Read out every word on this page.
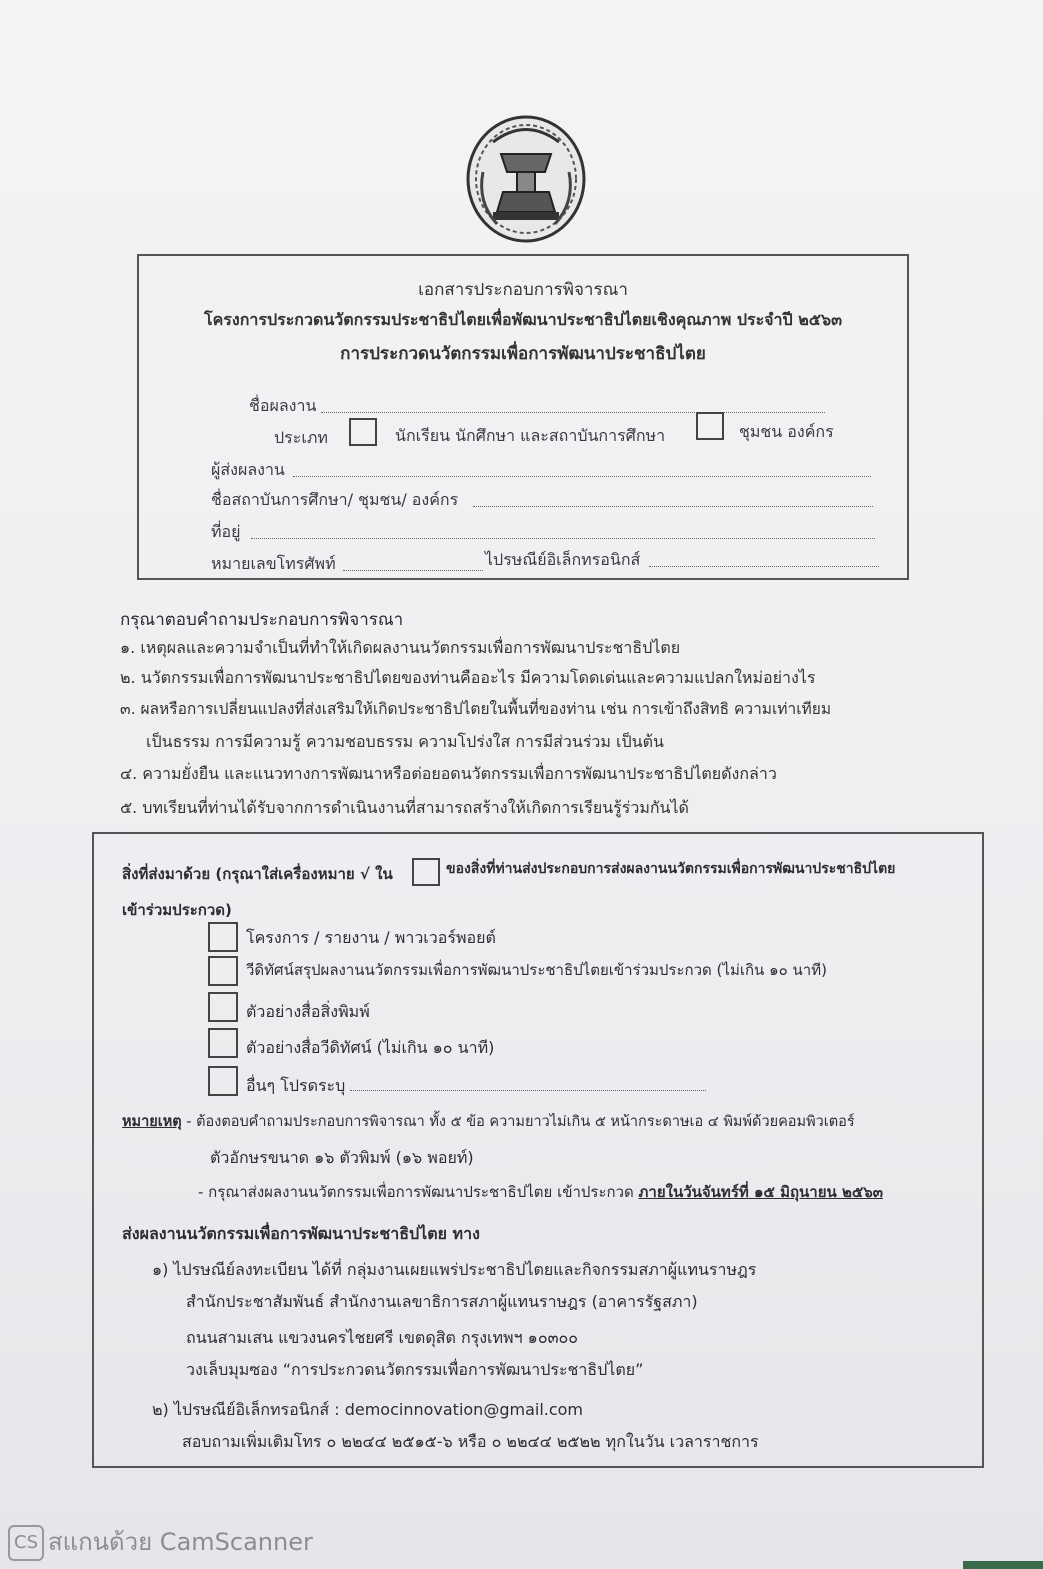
เอกสารประกอบการพิจารณา
โครงการประกวดนวัตกรรมประชาธิปไตยเพื่อพัฒนาประชาธิปไตยเชิงคุณภาพ ประจำปี ๒๕๖๓
การประกวดนวัตกรรมเพื่อการพัฒนาประชาธิปไตย
ชื่อผลงาน
ประเภท	นักเรียน นักศึกษา และสถาบันการศึกษา	ชุมชน องค์กร
ผู้ส่งผลงาน
ชื่อสถาบันการศึกษา/ ชุมชน/ องค์กร
ที่อยู่
หมายเลขโทรศัพท์	ไปรษณีย์อิเล็กทรอนิกส์
กรุณาตอบคำถามประกอบการพิจารณา
๑. เหตุผลและความจำเป็นที่ทำให้เกิดผลงานนวัตกรรมเพื่อการพัฒนาประชาธิปไตย
๒. นวัตกรรมเพื่อการพัฒนาประชาธิปไตยของท่านคืออะไร มีความโดดเด่นและความแปลกใหม่อย่างไร
๓. ผลหรือการเปลี่ยนแปลงที่ส่งเสริมให้เกิดประชาธิปไตยในพื้นที่ของท่าน เช่น การเข้าถึงสิทธิ ความเท่าเทียม
เป็นธรรม การมีความรู้ ความชอบธรรม ความโปร่งใส การมีส่วนร่วม เป็นต้น
๔. ความยั่งยืน และแนวทางการพัฒนาหรือต่อยอดนวัตกรรมเพื่อการพัฒนาประชาธิปไตยดังกล่าว
๕. บทเรียนที่ท่านได้รับจากการดำเนินงานที่สามารถสร้างให้เกิดการเรียนรู้ร่วมกันได้
สิ่งที่ส่งมาด้วย (กรุณาใส่เครื่องหมาย √ ใน	ของสิ่งที่ท่านส่งประกอบการส่งผลงานนวัตกรรมเพื่อการพัฒนาประชาธิปไตย
เข้าร่วมประกวด)
โครงการ / รายงาน / พาวเวอร์พอยต์
วีดิทัศน์สรุปผลงานนวัตกรรมเพื่อการพัฒนาประชาธิปไตยเข้าร่วมประกวด (ไม่เกิน ๑๐ นาที)
ตัวอย่างสื่อสิ่งพิมพ์
ตัวอย่างสื่อวีดิทัศน์ (ไม่เกิน ๑๐ นาที)
อื่นๆ โปรดระบุ
หมายเหตุ - ต้องตอบคำถามประกอบการพิจารณา ทั้ง ๕ ข้อ ความยาวไม่เกิน ๕ หน้ากระดาษเอ ๔ พิมพ์ด้วยคอมพิวเตอร์
ตัวอักษรขนาด ๑๖ ตัวพิมพ์ (๑๖ พอยท์)
- กรุณาส่งผลงานนวัตกรรมเพื่อการพัฒนาประชาธิปไตย เข้าประกวด ภายในวันจันทร์ที่ ๑๕ มิถุนายน ๒๕๖๓
ส่งผลงานนวัตกรรมเพื่อการพัฒนาประชาธิปไตย ทาง
๑) ไปรษณีย์ลงทะเบียน ได้ที่ กลุ่มงานเผยแพร่ประชาธิปไตยและกิจกรรมสภาผู้แทนราษฎร
สำนักประชาสัมพันธ์ สำนักงานเลขาธิการสภาผู้แทนราษฎร (อาคารรัฐสภา)
ถนนสามเสน แขวงนครไชยศรี เขตดุสิต กรุงเทพฯ ๑๐๓๐๐
วงเล็บมุมซอง “การประกวดนวัตกรรมเพื่อการพัฒนาประชาธิปไตย”
๒) ไปรษณีย์อิเล็กทรอนิกส์ : democinnovation@gmail.com
สอบถามเพิ่มเติมโทร ๐ ๒๒๔๔ ๒๕๑๕-๖ หรือ ๐ ๒๒๔๔ ๒๕๒๒ ทุกในวัน เวลาราชการ
CS สแกนด้วย CamScanner
